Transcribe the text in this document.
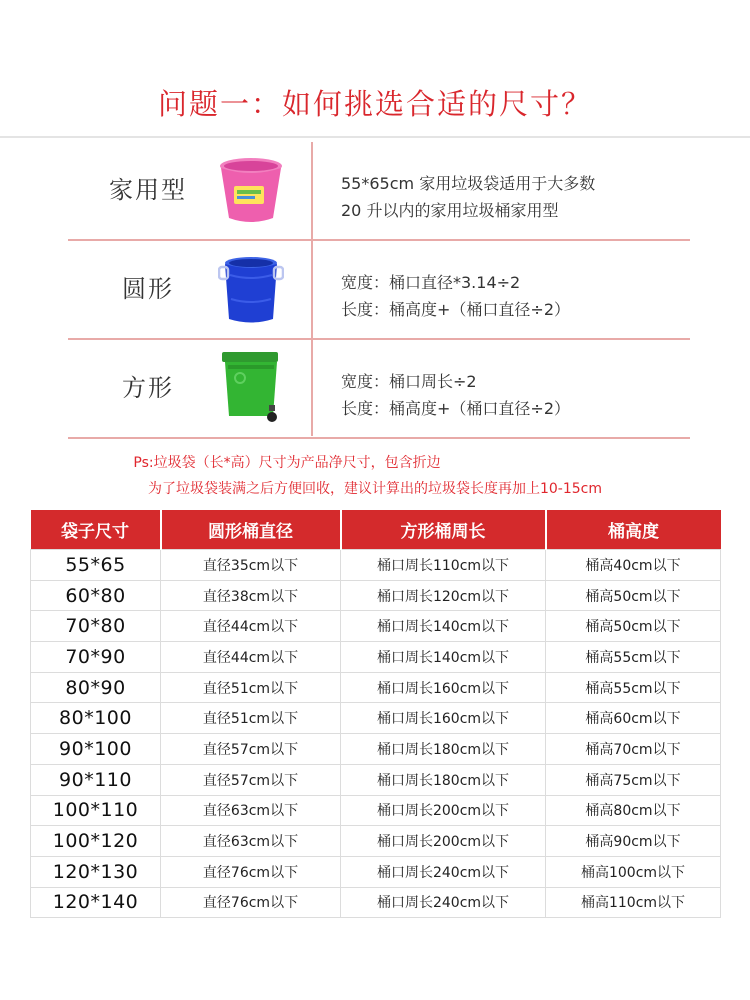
问题一：如何挑选合适的尺寸？
家用型	55*65cm 家用垃圾袋适用于大多数
20 升以内的家用垃圾桶家用型
圆形	宽度：桶口直径*3.14÷2
长度：桶高度+（桶口直径÷2）
方形	宽度：桶口周长÷2
长度：桶高度+（桶口直径÷2）
Ps:垃圾袋（长*高）尺寸为产品净尺寸，包含折边
为了垃圾袋装满之后方便回收，建议计算出的垃圾袋长度再加上10-15cm
袋子尺寸	圆形桶直径	方形桶周长	桶高度
55*65	直径35cm以下	桶口周长110cm以下	桶高40cm以下
60*80	直径38cm以下	桶口周长120cm以下	桶高50cm以下
70*80	直径44cm以下	桶口周长140cm以下	桶高50cm以下
70*90	直径44cm以下	桶口周长140cm以下	桶高55cm以下
80*90	直径51cm以下	桶口周长160cm以下	桶高55cm以下
80*100	直径51cm以下	桶口周长160cm以下	桶高60cm以下
90*100	直径57cm以下	桶口周长180cm以下	桶高70cm以下
90*110	直径57cm以下	桶口周长180cm以下	桶高75cm以下
100*110	直径63cm以下	桶口周长200cm以下	桶高80cm以下
100*120	直径63cm以下	桶口周长200cm以下	桶高90cm以下
120*130	直径76cm以下	桶口周长240cm以下	桶高100cm以下
120*140	直径76cm以下	桶口周长240cm以下	桶高110cm以下
